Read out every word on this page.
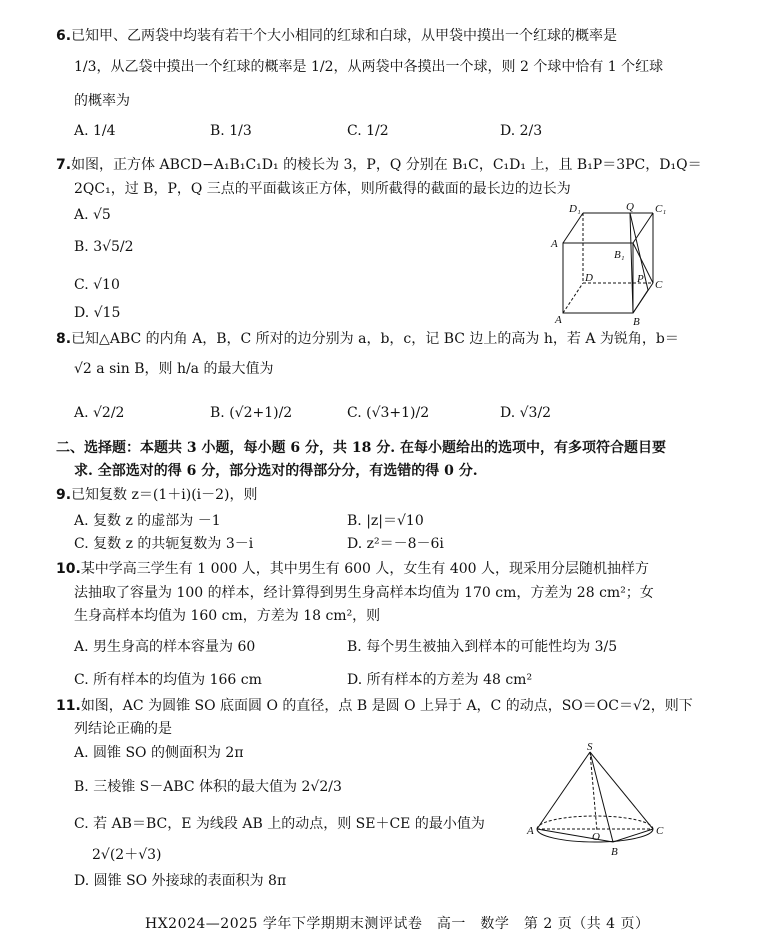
6.已知甲、乙两袋中均装有若干个大小相同的红球和白球，从甲袋中摸出一个红球的概率是
1/3，从乙袋中摸出一个红球的概率是 1/2，从两袋中各摸出一个球，则 2 个球中恰有 1 个红球
的概率为
A. 1/4	B. 1/3	C. 1/2	D. 2/3
7.如图，正方体 ABCD−A₁B₁C₁D₁ 的棱长为 3，P，Q 分别在 B₁C，C₁D₁ 上，且 B₁P＝3PC，D₁Q＝
2QC₁，过 B，P，Q 三点的平面截该正方体，则所截得的截面的最长边的边长为
A. √5
B. 3√5/2
C. √10
D. √15
D₁	Q C₁
A
B₁
P
D
C
A	B
8.已知△ABC 的内角 A，B，C 所对的边分别为 a，b，c，记 BC 边上的高为 h，若 A 为锐角，b＝
√2 a sin B，则 h/a 的最大值为
A. √2/2	B. (√2+1)/2	C. (√3+1)/2	D. √3/2
二、选择题：本题共 3 小题，每小题 6 分，共 18 分. 在每小题给出的选项中，有多项符合题目要
求. 全部选对的得 6 分，部分选对的得部分分，有选错的得 0 分.
9.已知复数 z＝(1＋i)(i－2)，则
A. 复数 z 的虚部为 －1	B. |z|＝√10
C. 复数 z 的共轭复数为 3－i	D. z²＝－8－6i
10.某中学高三学生有 1 000 人，其中男生有 600 人，女生有 400 人，现采用分层随机抽样方
法抽取了容量为 100 的样本，经计算得到男生身高样本均值为 170 cm，方差为 28 cm²；女
生身高样本均值为 160 cm，方差为 18 cm²，则
A. 男生身高的样本容量为 60	B. 每个男生被抽入到样本的可能性均为 3/5
C. 所有样本的均值为 166 cm	D. 所有样本的方差为 48 cm²
11.如图，AC 为圆锥 SO 底面圆 O 的直径，点 B 是圆 O 上异于 A，C 的动点，SO＝OC＝√2，则下
列结论正确的是
A. 圆锥 SO 的侧面积为 2π
B. 三棱锥 S－ABC 体积的最大值为 2√2/3
C. 若 AB＝BC，E 为线段 AB 上的动点，则 SE＋CE 的最小值为
2√(2＋√3)
D. 圆锥 SO 外接球的表面积为 8π
S
A	O	C
B
HX2024—2025 学年下学期期末测评试卷　高一　数学　第 2 页（共 4 页）
